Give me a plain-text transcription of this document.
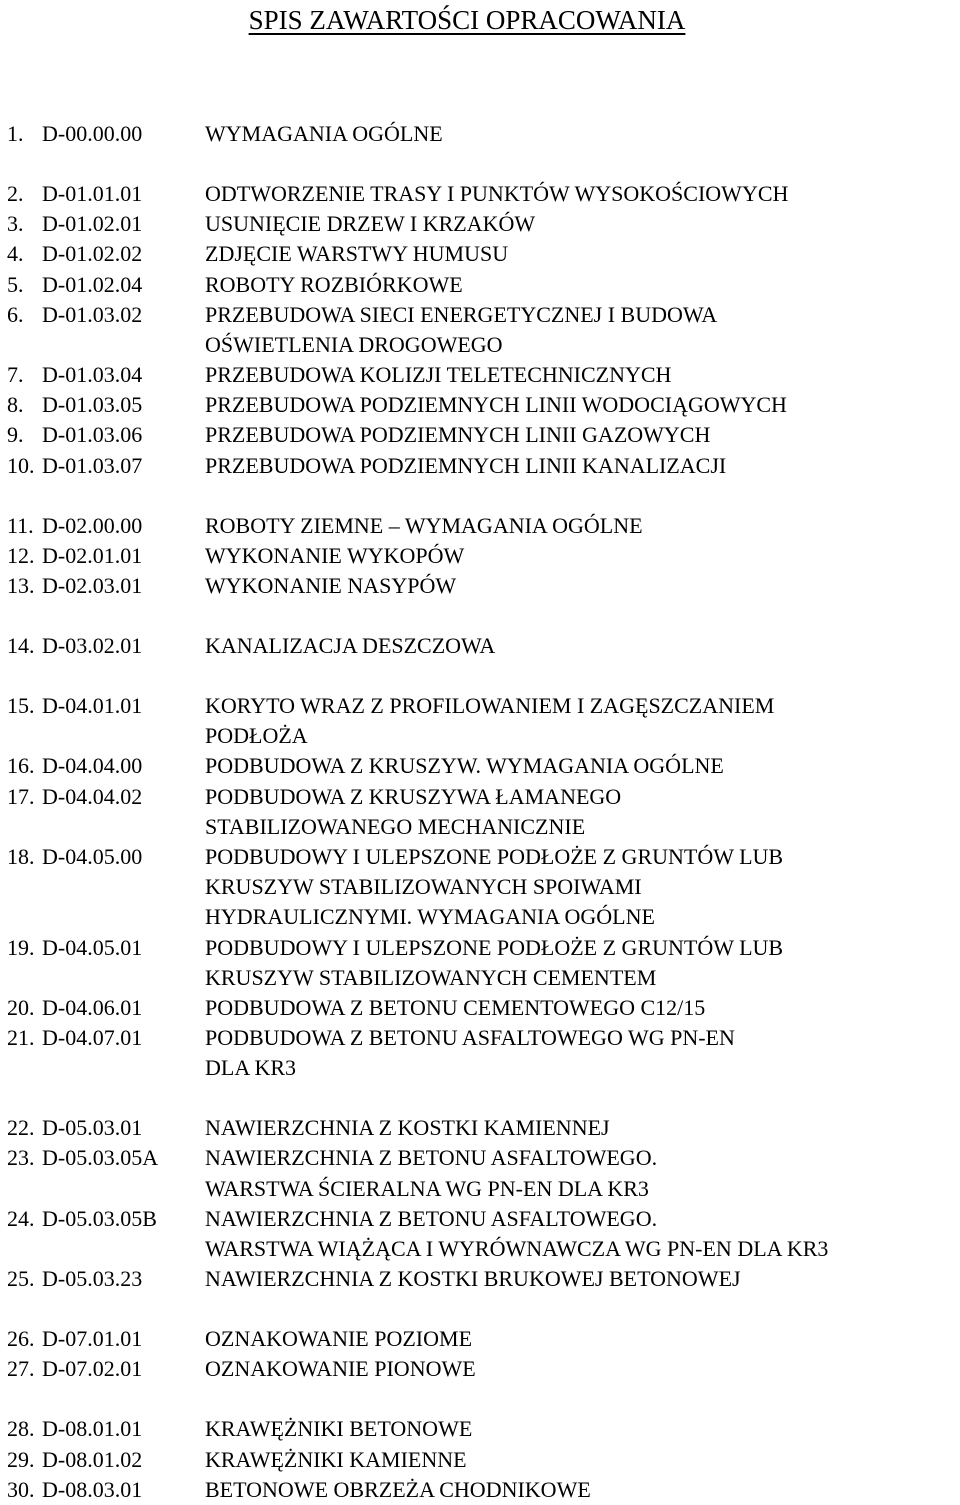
SPIS ZAWARTOŚCI OPRACOWANIA
1. D-00.00.00	WYMAGANIA OGÓLNE
2. D-01.01.01	ODTWORZENIE TRASY I PUNKTÓW WYSOKOŚCIOWYCH
3. D-01.02.01	USUNIĘCIE DRZEW I KRZAKÓW
4. D-01.02.02	ZDJĘCIE WARSTWY HUMUSU
5. D-01.02.04	ROBOTY ROZBIÓRKOWE
6. D-01.03.02	PRZEBUDOWA SIECI ENERGETYCZNEJ I BUDOWA
OŚWIETLENIA DROGOWEGO
7. D-01.03.04	PRZEBUDOWA KOLIZJI TELETECHNICZNYCH
8. D-01.03.05	PRZEBUDOWA PODZIEMNYCH LINII WODOCIĄGOWYCH
9. D-01.03.06	PRZEBUDOWA PODZIEMNYCH LINII GAZOWYCH
10. D-01.03.07	PRZEBUDOWA PODZIEMNYCH LINII KANALIZACJI
11. D-02.00.00	ROBOTY ZIEMNE – WYMAGANIA OGÓLNE
12. D-02.01.01	WYKONANIE WYKOPÓW
13. D-02.03.01	WYKONANIE NASYPÓW
14. D-03.02.01	KANALIZACJA DESZCZOWA
15. D-04.01.01	KORYTO WRAZ Z PROFILOWANIEM I ZAGĘSZCZANIEM
PODŁOŻA
16. D-04.04.00	PODBUDOWA Z KRUSZYW. WYMAGANIA OGÓLNE
17. D-04.04.02	PODBUDOWA Z KRUSZYWA ŁAMANEGO
STABILIZOWANEGO MECHANICZNIE
18. D-04.05.00	PODBUDOWY I ULEPSZONE PODŁOŻE Z GRUNTÓW LUB
KRUSZYW STABILIZOWANYCH SPOIWAMI
HYDRAULICZNYMI. WYMAGANIA OGÓLNE
19. D-04.05.01	PODBUDOWY I ULEPSZONE PODŁOŻE Z GRUNTÓW LUB
KRUSZYW STABILIZOWANYCH CEMENTEM
20. D-04.06.01	PODBUDOWA Z BETONU CEMENTOWEGO C12/15
21. D-04.07.01	PODBUDOWA Z BETONU ASFALTOWEGO WG PN-EN
DLA KR3
22. D-05.03.01	NAWIERZCHNIA Z KOSTKI KAMIENNEJ
23. D-05.03.05A NAWIERZCHNIA Z BETONU ASFALTOWEGO.
WARSTWA ŚCIERALNA WG PN-EN DLA KR3
24. D-05.03.05B NAWIERZCHNIA Z BETONU ASFALTOWEGO.
WARSTWA WIĄŻĄCA I WYRÓWNAWCZA WG PN-EN DLA KR3
25. D-05.03.23	NAWIERZCHNIA Z KOSTKI BRUKOWEJ BETONOWEJ
26. D-07.01.01	OZNAKOWANIE POZIOME
27. D-07.02.01	OZNAKOWANIE PIONOWE
28. D-08.01.01	KRAWĘŻNIKI BETONOWE
29. D-08.01.02	KRAWĘŻNIKI KAMIENNE
30. D-08.03.01	BETONOWE OBRZEŻA CHODNIKOWE
